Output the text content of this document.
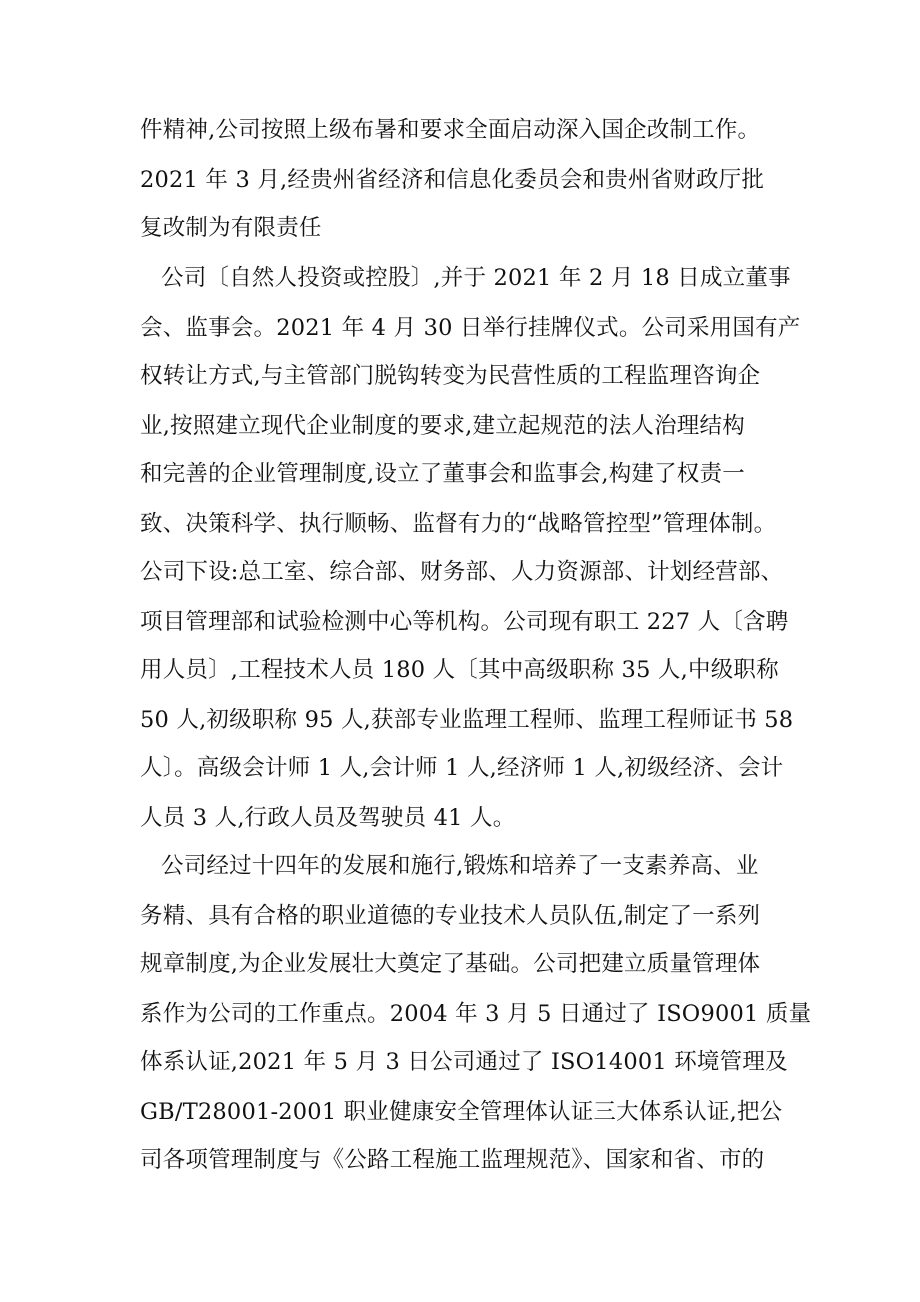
件精神,公司按照上级布暑和要求全面启动深入国企改制工作。
2021 年 3 月,经贵州省经济和信息化委员会和贵州省财政厅批
复改制为有限责任
公司〔自然人投资或控股〕,并于 2021 年 2 月 18 日成立董事
会、监事会。2021 年 4 月 30 日举行挂牌仪式。公司采用国有产
权转让方式,与主管部门脱钩转变为民营性质的工程监理咨询企
业,按照建立现代企业制度的要求,建立起规范的法人治理结构
和完善的企业管理制度,设立了董事会和监事会,构建了权责一
致、决策科学、执行顺畅、监督有力的“战略管控型”管理体制。
公司下设:总工室、综合部、财务部、人力资源部、计划经营部、
项目管理部和试验检测中心等机构。公司现有职工 227 人〔含聘
用人员〕,工程技术人员 180 人〔其中高级职称 35 人,中级职称
50 人,初级职称 95 人,获部专业监理工程师、监理工程师证书 58
人〕。高级会计师 1 人,会计师 1 人,经济师 1 人,初级经济、会计
人员 3 人,行政人员及驾驶员 41 人。
公司经过十四年的发展和施行,锻炼和培养了一支素养高、业
务精、具有合格的职业道德的专业技术人员队伍,制定了一系列
规章制度,为企业发展壮大奠定了基础。公司把建立质量管理体
系作为公司的工作重点。2004 年 3 月 5 日通过了 ISO9001 质量
体系认证,2021 年 5 月 3 日公司通过了 ISO14001 环境管理及
GB/T28001-2001 职业健康安全管理体认证三大体系认证,把公
司各项管理制度与《公路工程施工监理规范》、国家和省、市的
